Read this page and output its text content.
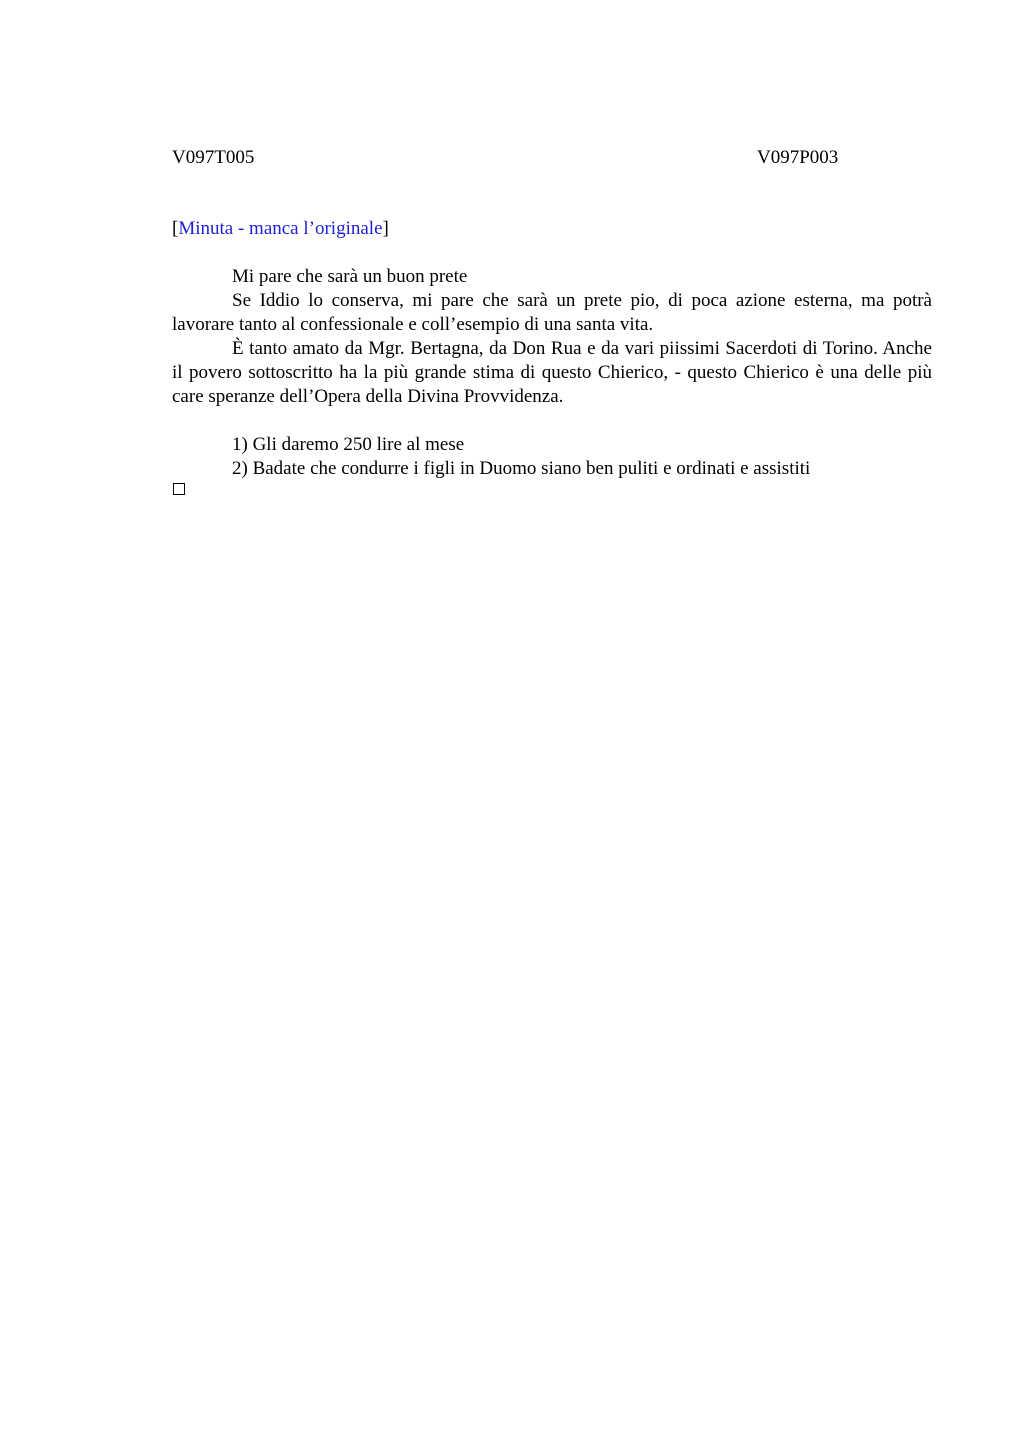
V097T005	V097P003
[Minuta - manca l’originale]

Mi pare che sarà un buon prete

Se Iddio lo conserva, mi pare che sarà un prete pio, di poca azione esterna, ma potrà lavorare tanto al confessionale e coll’esempio di una santa vita.

È tanto amato da Mgr. Bertagna, da Don Rua e da vari piissimi Sacerdoti di Torino. Anche il povero sottoscritto ha la più grande stima di questo Chierico, - questo Chierico è una delle più care speranze dell’Opera della Divina Provvidenza.

1) Gli daremo 250 lire al mese

2) Badate che condurre i figli in Duomo siano ben puliti e ordinati e assistiti
